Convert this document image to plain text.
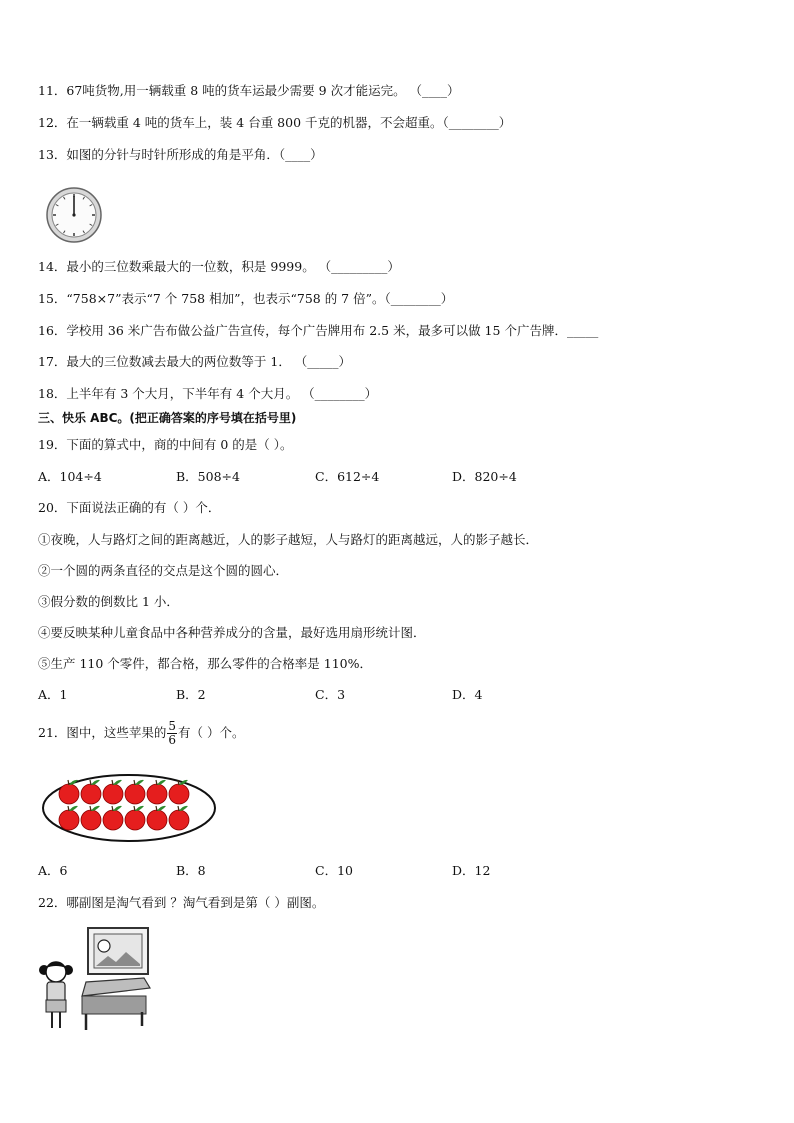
11．67吨货物,用一辆载重 8 吨的货车运最少需要 9 次才能运完。 （____）
12．在一辆载重 4 吨的货车上，装 4 台重 800 千克的机器，不会超重。（________）
13．如图的分针与时针所形成的角是平角．（____）
14．最小的三位数乘最大的一位数，积是 9999。 （_________）
15．“758×7”表示“7 个 758 相加”，也表示“758 的 7 倍”。（________）
16．学校用 36 米广告布做公益广告宣传，每个广告牌用布 2.5 米，最多可以做 15 个广告牌．_____
17．最大的三位数减去最大的两位数等于 1． （_____）
18．上半年有 3 个大月，下半年有 4 个大月。 （________）
三、快乐 ABC。(把正确答案的序号填在括号里)
19．下面的算式中，商的中间有 0 的是（ ）。
A．104÷4	B．508÷4	C．612÷4	D．820÷4
20．下面说法正确的有（ ）个．
①夜晚，人与路灯之间的距离越近，人的影子越短，人与路灯的距离越远，人的影子越长．
②一个圆的两条直径的交点是这个圆的圆心．
③假分数的倒数比 1 小．
④要反映某种儿童食品中各种营养成分的含量，最好选用扇形统计图．
⑤生产 110 个零件，都合格，那么零件的合格率是 110%．
A．1	B．2	C．3	D．4
21．图中，这些苹果的 $\frac{5}{6}$ 有（ ）个。
A．6	B．8	C．10	D．12
22．哪副图是淘气看到 ？淘气看到是第（ ）副图。
